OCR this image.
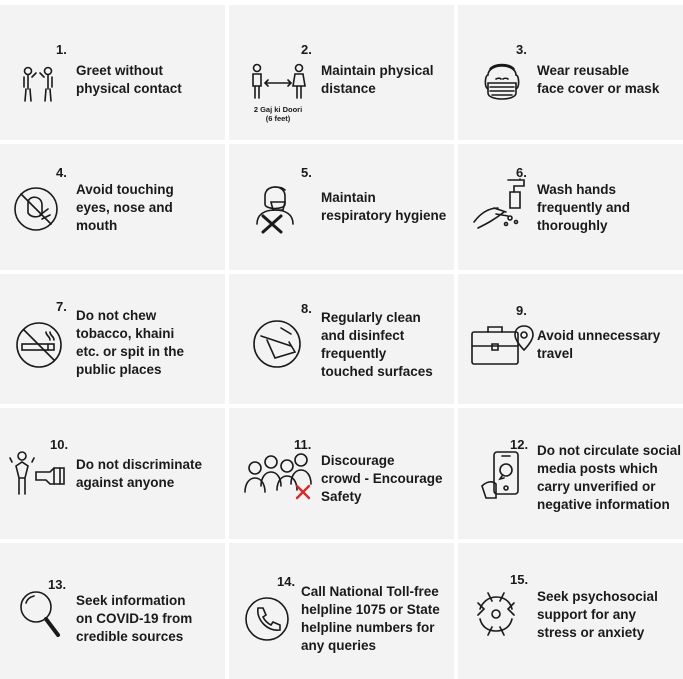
1.
Greet without
physical contact
2 Gaj ki Doori
(6 feet)
2.
Maintain physical
distance
3.
Wear reusable
face cover or mask
4.
Avoid touching
eyes, nose and
mouth
5.
Maintain
respiratory hygiene
6.
Wash hands
frequently and
thoroughly
7.
Do not chew
tobacco, khaini
etc. or spit in the
public places
8.
Regularly clean
and disinfect
frequently
touched surfaces
9.
Avoid unnecessary
travel
10.
Do not discriminate
against anyone
11.
Discourage
crowd - Encourage
Safety
12. Do not circulate social
media posts which
carry unverified or
negative information
13.
Seek information
on COVID-19 from
credible sources
14.
Call National Toll-free
helpline 1075 or State
helpline numbers for
any queries
15.
Seek psychosocial
support for any
stress or anxiety
